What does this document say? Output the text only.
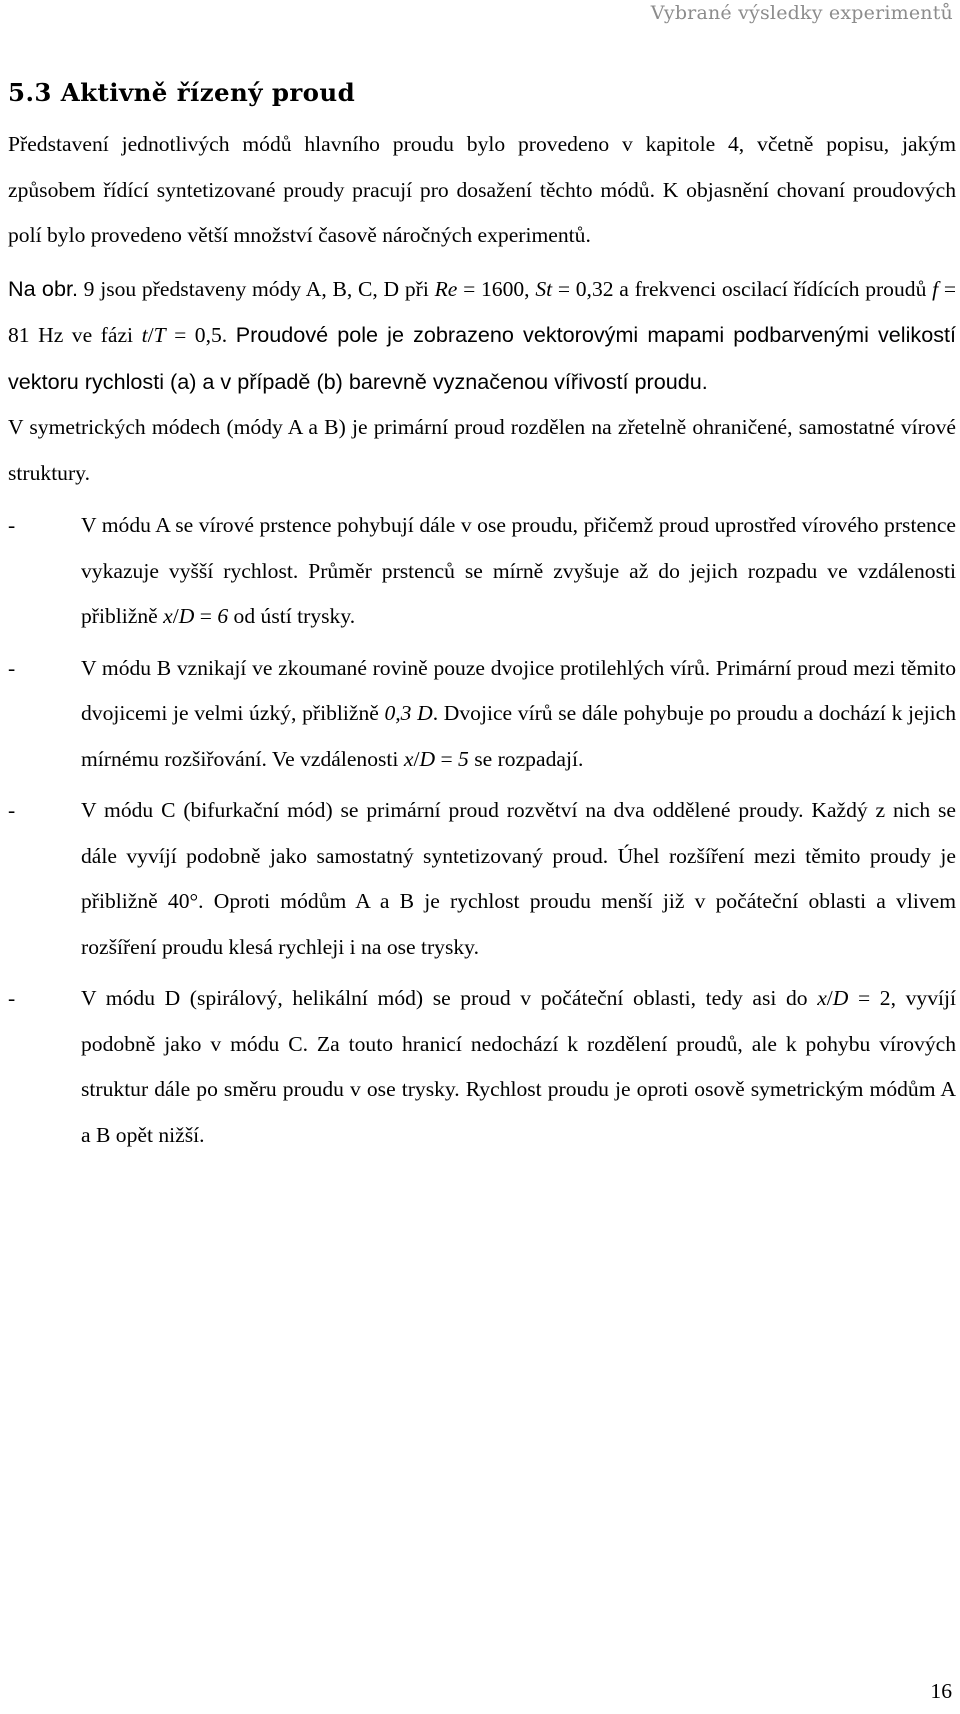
Vybrané výsledky experimentů
5.3 Aktivně řízený proud

Představení jednotlivých módů hlavního proudu bylo provedeno v kapitole 4, včetně popisu, jakým způsobem řídící syntetizované proudy pracují pro dosažení těchto módů. K objasnění chovaní proudových polí bylo provedeno větší množství časově náročných experimentů.

Na obr. 9 jsou představeny módy A, B, C, D při Re = 1600, St = 0,32 a frekvenci oscilací řídících proudů f = 81 Hz ve fázi t/T = 0,5. Proudové pole je zobrazeno vektorovými mapami podbarvenými velikostí vektoru rychlosti (a) a v případě (b) barevně vyznačenou vířivostí proudu.

V symetrických módech (módy A a B) je primární proud rozdělen na zřetelně ohraničené, samostatné vírové struktury.

-	V módu A se vírové prstence pohybují dále v ose proudu, přičemž proud uprostřed vírového prstence vykazuje vyšší rychlost. Průměr prstenců se mírně zvyšuje až do jejich rozpadu ve vzdálenosti přibližně x/D = 6 od ústí trysky.
-	V módu B vznikají ve zkoumané rovině pouze dvojice protilehlých vírů. Primární proud mezi těmito dvojicemi je velmi úzký, přibližně 0,3 D. Dvojice vírů se dále pohybuje po proudu a dochází k jejich mírnému rozšiřování. Ve vzdálenosti x/D = 5 se rozpadají.
-	V módu C (bifurkační mód) se primární proud rozvětví na dva oddělené proudy. Každý z nich se dále vyvíjí podobně jako samostatný syntetizovaný proud. Úhel rozšíření mezi těmito proudy je přibližně 40°. Oproti módům A a B je rychlost proudu menší již v počáteční oblasti a vlivem rozšíření proudu klesá rychleji i na ose trysky.
-	V módu D (spirálový, helikální mód) se proud v počáteční oblasti, tedy asi do x/D = 2, vyvíjí podobně jako v módu C. Za touto hranicí nedochází k rozdělení proudů, ale k pohybu vírových struktur dále po směru proudu v ose trysky. Rychlost proudu je oproti osově symetrickým módům A a B opět nižší.
16
